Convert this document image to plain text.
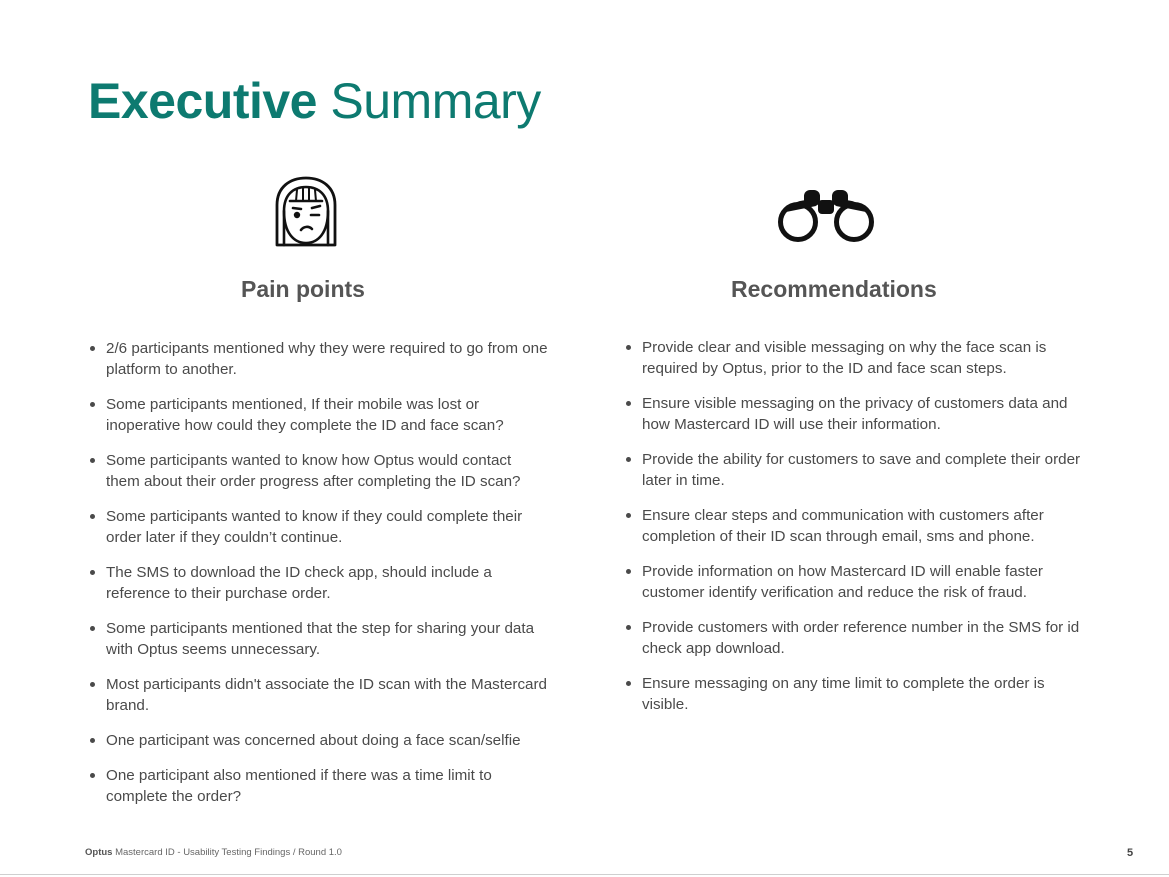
Executive Summary
Pain points
2/6 participants mentioned why they were required to go from one platform to another.
Some participants mentioned, If their mobile was lost or inoperative how could they complete the ID and face scan?
Some participants wanted to know how Optus would contact them about their order progress after completing the ID scan?
Some participants wanted to know if they could complete their order later if they couldn’t continue.
The SMS to download the ID check app, should include a reference to their purchase order.
Some participants mentioned that the step for sharing your data with Optus seems unnecessary.
Most participants didn't associate the ID scan with the Mastercard brand.
One participant was concerned about doing a face scan/selfie
One participant also mentioned if there was a time limit to complete the order?
Recommendations
Provide clear and visible messaging on why the face scan is required by Optus, prior to the ID and face scan steps.
Ensure visible messaging on the privacy of customers data and how Mastercard ID will use their information.
Provide the ability for customers to save and complete their order later in time.
Ensure clear steps and communication with customers after completion of their ID scan through email, sms and phone.
Provide information on how Mastercard ID will enable faster customer identify verification and reduce the risk of fraud.
Provide customers with order reference number in the SMS for id check app download.
Ensure messaging on any time limit to complete the order is visible.
Optus Mastercard ID - Usability Testing Findings / Round 1.0	5
